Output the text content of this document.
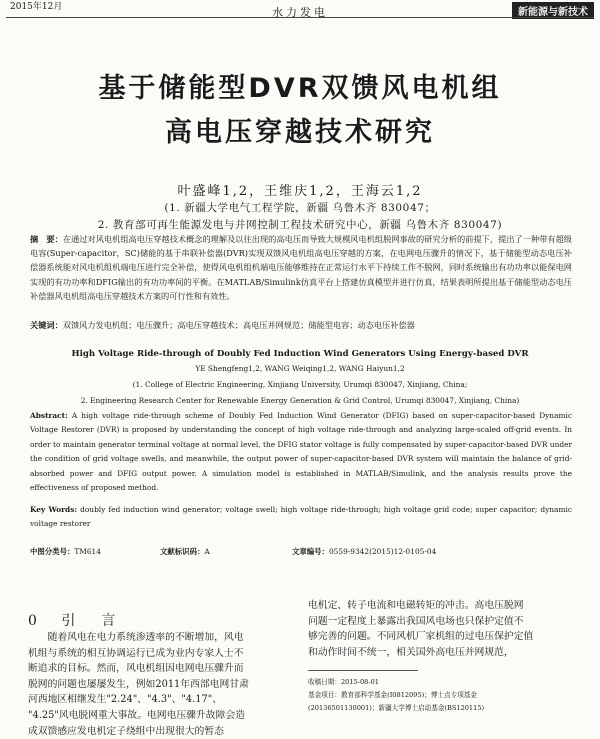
2015年12月	水力发电	新能源与新技术
基于储能型DVR双馈风电机组
高电压穿越技术研究
叶盛峰1,2，王维庆1,2，王海云1,2
(1. 新疆大学电气工程学院，新疆 乌鲁木齐 830047；
2. 教育部可再生能源发电与并网控制工程技术研究中心，新疆 乌鲁木齐 830047)
摘　要：在通过对风电机组高电压穿越技术概念的理解及以往出现的高电压而导致大规模风电机组脱网事故的研究分析的前提下，提出了一种带有超级电容(Super-capacitor，SC)储能的基于串联补偿器(DVR)实现双馈风电机组高电压穿越的方案，在电网电压骤升的情况下，基于储能型动态电压补偿器系统能对风电机组机端电压进行完全补偿，使得风电机组机端电压能够维持在正常运行水平下持续工作不脱网，同时系统输出有功功率以能保电网实现的有功功率和DFIG输出的有功功率间的平衡。在MATLAB/Simulink仿真平台上搭建仿真模型并进行仿真，结果表明所提出基于储能型动态电压补偿器风电机组高电压穿越技术方案的可行性和有效性。
关键词：双馈风力发电机组；电压骤升；高电压穿越技术；高电压并网规范；储能型电容；动态电压补偿器
High Voltage Ride-through of Doubly Fed Induction Wind Generators Using Energy-based DVR
YE Shengfeng1,2, WANG Weiqing1,2, WANG Haiyun1,2
(1. College of Electric Engineering, Xinjiang University, Urumqi 830047, Xinjiang, China;
2. Engineering Research Center for Renewable Energy Generation & Grid Control, Urumqi 830047, Xinjiang, China)
Abstract: A high voltage ride-through scheme of Doubly Fed Induction Wind Generator (DFIG) based on super-capacitor-based Dynamic Voltage Restorer (DVR) is proposed by understanding the concept of high voltage ride-through and analyzing large-scaled off-grid events. In order to maintain generator terminal voltage at normal level, the DFIG stator voltage is fully compensated by super-capacitor-based DVR under the condition of grid voltage swells, and meanwhile, the output power of super-capacitor-based DVR system will maintain the balance of grid-absorbed power and DFIG output power. A simulation model is established in MATLAB/Simulink, and the analysis results prove the effectiveness of proposed method.
Key Words: doubly fed induction wind generator; voltage swell; high voltage ride-through; high voltage grid code; super capacitor; dynamic voltage restorer
中图分类号：TM614	文献标识码：A	文章编号：0559-9342(2015)12-0105-04
0 引　言
随着风电在电力系统渗透率的不断增加，风电
机组与系统的相互协调运行已成为业内专家人士不
断追求的目标。然而，风电机组因电网电压骤升而
脱网的问题也屡屡发生，例如2011年西部电网甘肃
河西地区相继发生"2.24"、"4.3"、"4.17"、
"4.25"风电脱网重大事故。电网电压骤升故障会造
成双馈感应发电机定子绕组中出现很大的暂态
电机定、转子电流和电磁转矩的冲击。高电压脱网
问题一定程度上暴露出我国风电场也只保护定值不
够完善的问题。不同风机厂家机组的过电压保护定值
和动作时间不统一，相关国外高电压并网规范，
收稿日期：2015-08-01
基金项目：教育部科学基金(I0812095)；博士点专项基金
(20136501130001)；新疆大学博士启动基金(BS120115)
